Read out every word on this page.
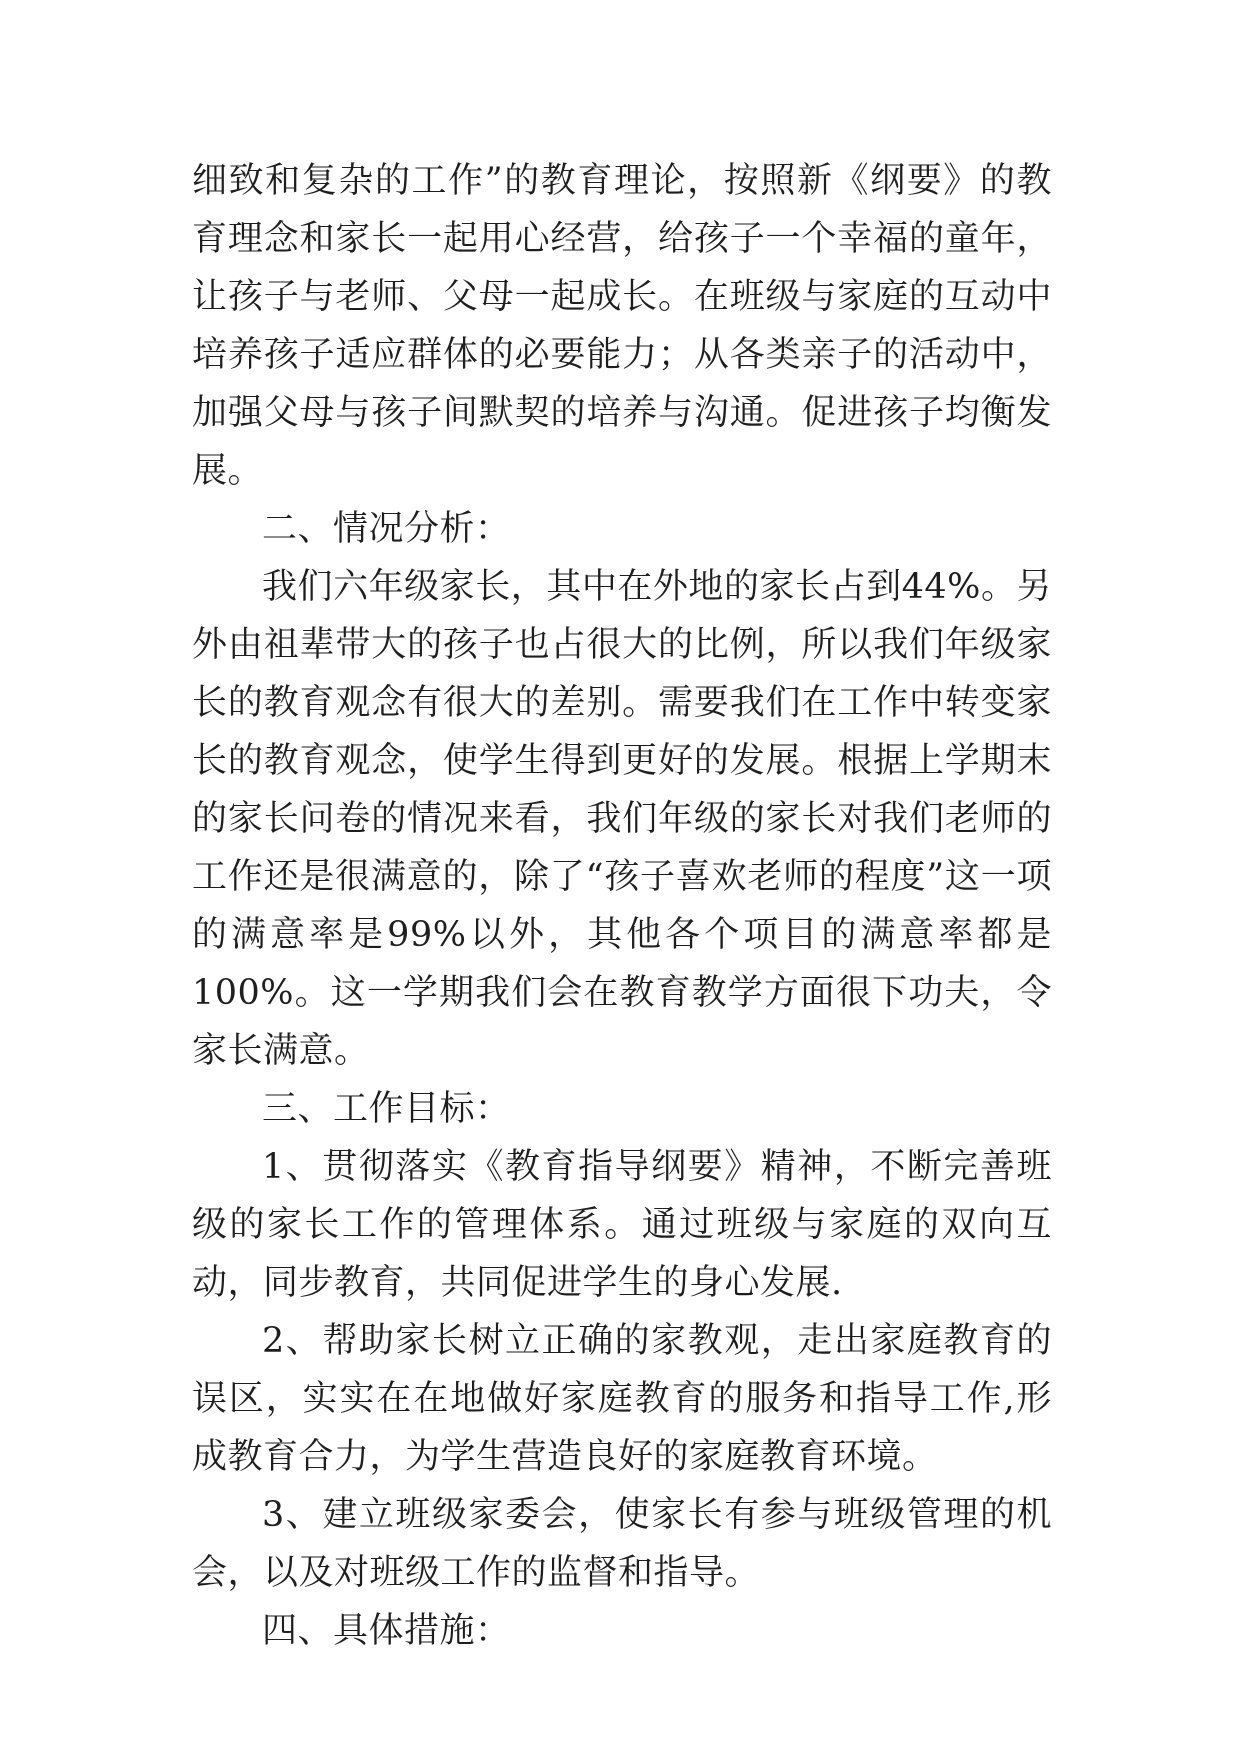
细致和复杂的工作”的教育理论，按照新《纲要》的教育理念和家长一起用心经营，给孩子一个幸福的童年，让孩子与老师、父母一起成长。在班级与家庭的互动中培养孩子适应群体的必要能力；从各类亲子的活动中，加强父母与孩子间默契的培养与沟通。促进孩子均衡发展。

二、情况分析：

我们六年级家长，其中在外地的家长占到44%。另外由祖辈带大的孩子也占很大的比例，所以我们年级家长的教育观念有很大的差别。需要我们在工作中转变家长的教育观念，使学生得到更好的发展。根据上学期末的家长问卷的情况来看，我们年级的家长对我们老师的工作还是很满意的，除了“孩子喜欢老师的程度”这一项的满意率是99%以外，其他各个项目的满意率都是100%。这一学期我们会在教育教学方面很下功夫，令家长满意。

三、工作目标：

1、贯彻落实《教育指导纲要》精神，不断完善班级的家长工作的管理体系。通过班级与家庭的双向互动，同步教育，共同促进学生的身心发展.

2、帮助家长树立正确的家教观，走出家庭教育的误区，实实在在地做好家庭教育的服务和指导工作,形成教育合力，为学生营造良好的家庭教育环境。

3、建立班级家委会，使家长有参与班级管理的机会，以及对班级工作的监督和指导。

四、具体措施：
